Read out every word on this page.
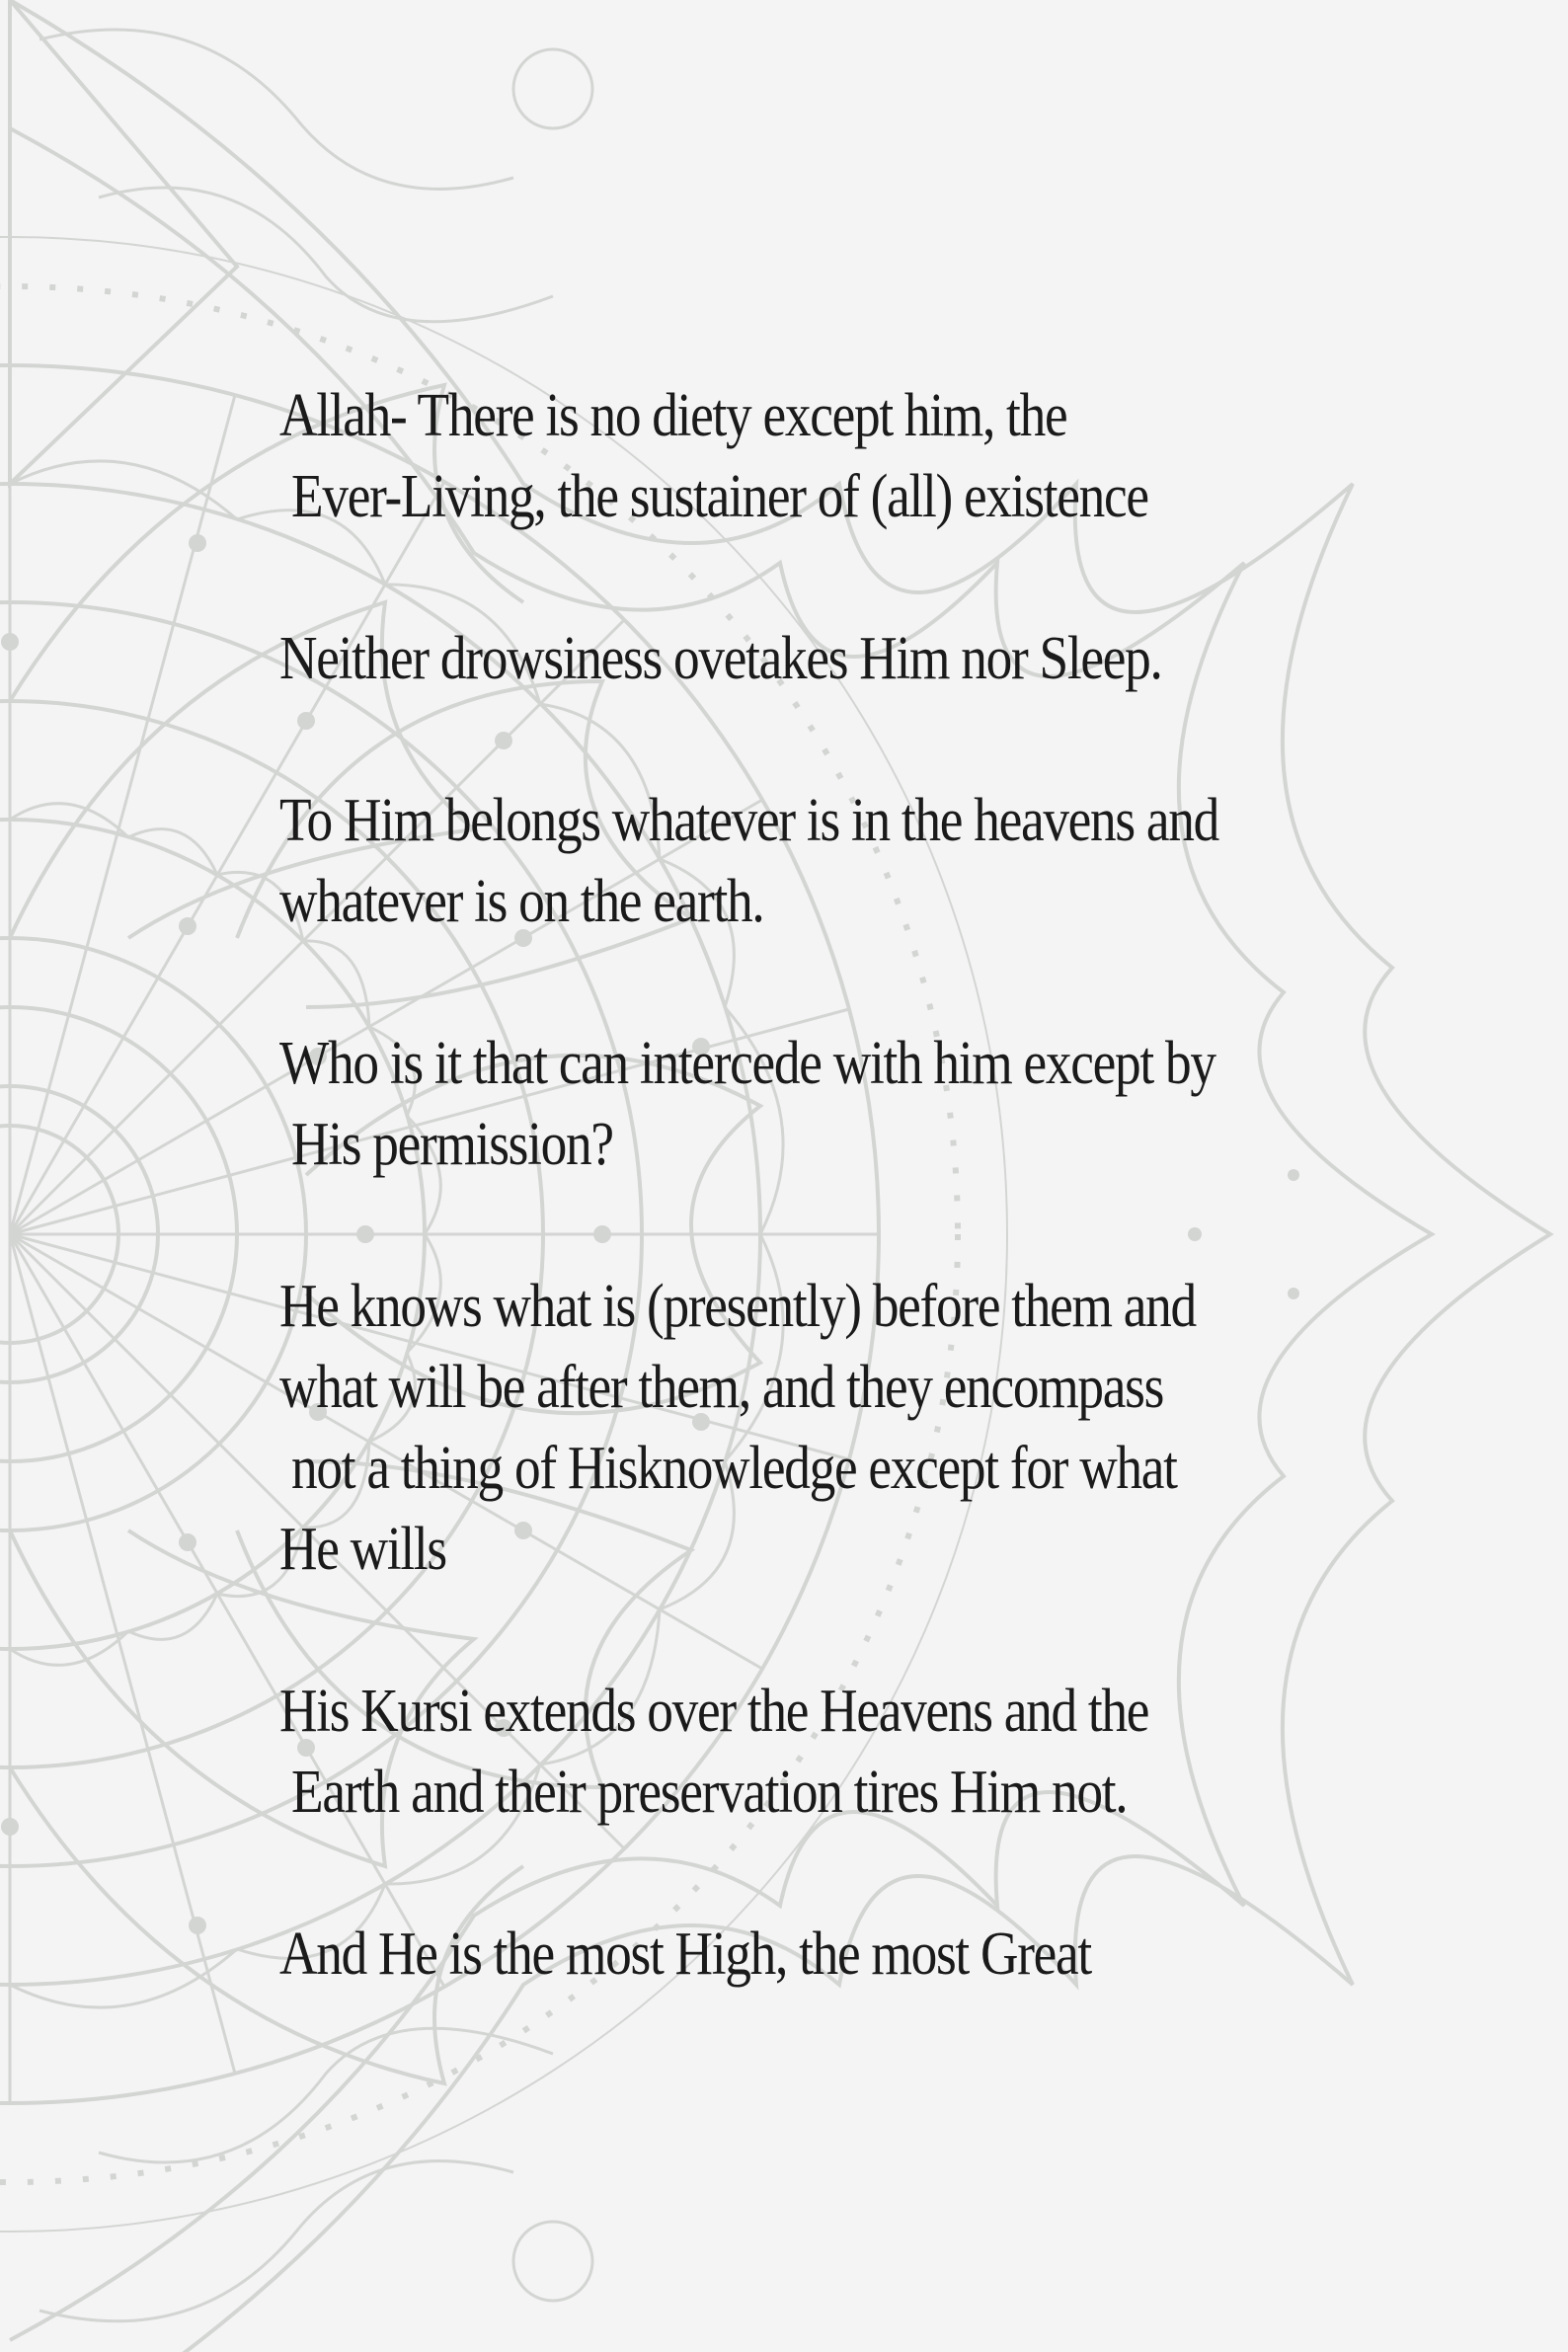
Allah- There is no diety except him, the
Ever-Living, the sustainer of (all) existence
Neither drowsiness ovetakes Him nor Sleep.
To Him belongs whatever is in the heavens and
whatever is on the earth.
Who is it that can intercede with him except by
His permission?
He knows what is (presently) before them and
what will be after them, and they encompass
not a thing of Hisknowledge except for what
He wills
His Kursi extends over the Heavens and the
Earth and their preservation tires Him not.
And He is the most High, the most Great
